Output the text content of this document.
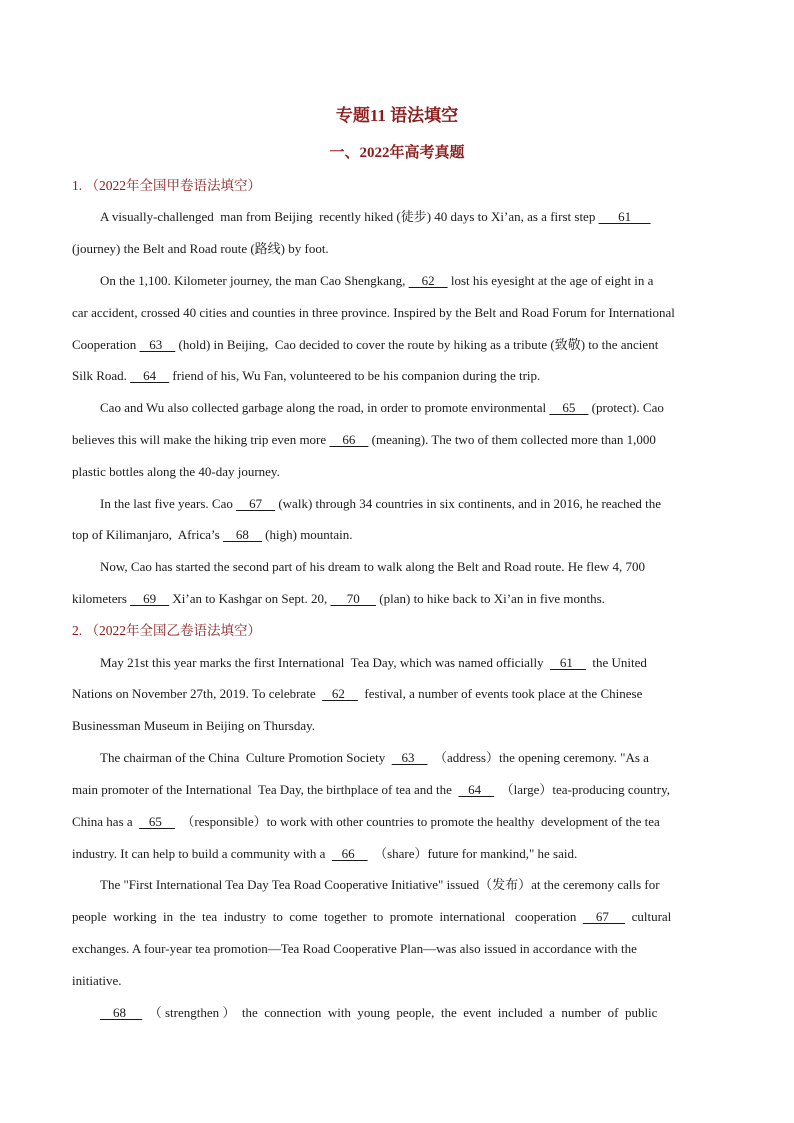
专题11 语法填空
一、2022年高考真题
1. （2022年全国甲卷语法填空）
A visually-challenged  man from Beijing  recently hiked (徒步) 40 days to Xi’an, as a first step       61
(journey) the Belt and Road route (路线) by foot.
On the 1,100. Kilometer journey, the man Cao Shengkang,     62     lost his eyesight at the age of eight in a
car accident, crossed 40 cities and counties in three province. Inspired by the Belt and Road Forum for International
Cooperation    63     (hold) in Beijing,  Cao decided to cover the route by hiking as a tribute (致敬) to the ancient
Silk Road.     64     friend of his, Wu Fan, volunteered to be his companion during the trip.
Cao and Wu also collected garbage along the road, in order to promote environmental     65     (protect). Cao
believes this will make the hiking trip even more     66     (meaning). The two of them collected more than 1,000
plastic bottles along the 40-day journey.
In the last five years. Cao     67     (walk) through 34 countries in six continents, and in 2016, he reached the
top of Kilimanjaro,  Africa’s     68     (high) mountain.
Now, Cao has started the second part of his dream to walk along the Belt and Road route. He flew 4, 700
kilometers     69     Xi’an to Kashgar on Sept. 20,      70      (plan) to hike back to Xi’an in five months.
2. （2022年全国乙卷语法填空）
May 21st this year marks the first International  Tea Day, which was named officially     61      the United
Nations on November 27th, 2019. To celebrate     62      festival, a number of events took place at the Chinese
Businessman Museum in Beijing on Thursday.
The chairman of the China  Culture Promotion Society     63      （address）the opening ceremony. "As a
main promoter of the International  Tea Day, the birthplace of tea and the     64      （large）tea-producing country,
China has a     65      （responsible）to work with other countries to promote the healthy  development of the tea
industry. It can help to build a community with a     66      （share）future for mankind," he said.
The "First International Tea Day Tea Road Cooperative Initiative" issued（发布）at the ceremony calls for
people  working  in  the  tea  industry  to  come  together  to  promote  international   cooperation      67       cultural
exchanges. A four-year tea promotion—Tea Road Cooperative Plan—was also issued in accordance with the
initiative.
68       （ strengthen ）  the  connection  with  young  people,  the  event  included  a  number  of  public
